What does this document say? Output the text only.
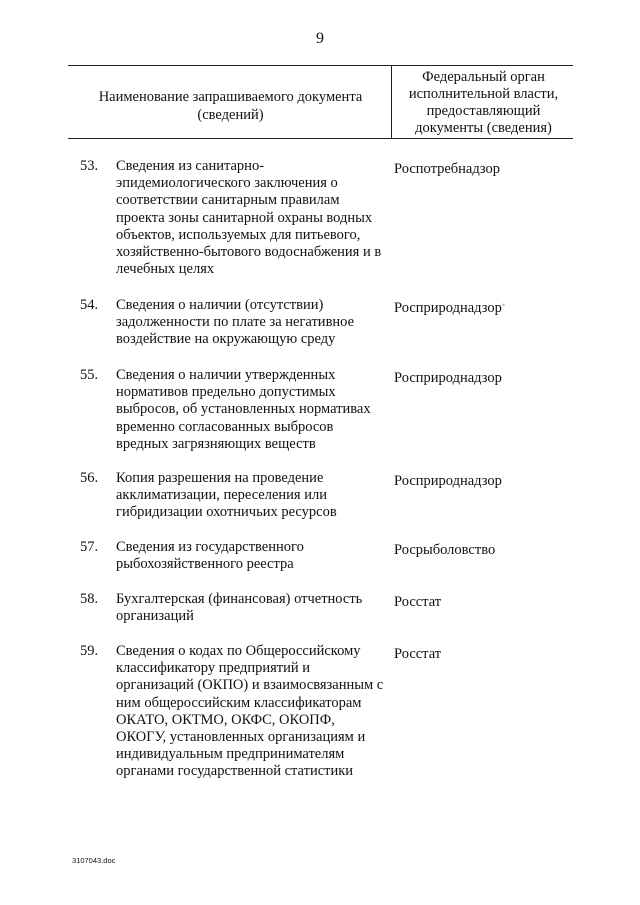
9
Наименование запрашиваемого документа (сведений)
Федеральный орган исполнительной власти, предоставляющий документы (сведения)
53. Сведения из санитарно-эпидемиологического заключения о соответствии санитарным правилам проекта зоны санитарной охраны водных объектов, используемых для питьевого, хозяйственно-бытового водоснабжения и в лечебных целях
Роспотребнадзор
54. Сведения о наличии (отсутствии) задолженности по плате за негативное воздействие на окружающую среду
Росприроднадзор»
55. Сведения о наличии утвержденных нормативов предельно допустимых выбросов, об установленных нормативах временно согласованных выбросов вредных загрязняющих веществ
Росприроднадзор
56. Копия разрешения на проведение акклиматизации, переселения или гибридизации охотничьих ресурсов
Росприроднадзор·
57. Сведения из государственного рыбохозяйственного реестра
Росрыболовство
58. Бухгалтерская (финансовая) отчетность организаций
Росстат
59. Сведения о кодах по Общероссийскому классификатору предприятий и организаций (ОКПО) и взаимосвязанным с ним общероссийским классификаторам ОКАТО, ОКТМО, ОКФС, ОКОПФ, ОКОГУ, установленных организациям и индивидуальным предпринимателям органами государственной статистики
Росстат
3107043.doc
